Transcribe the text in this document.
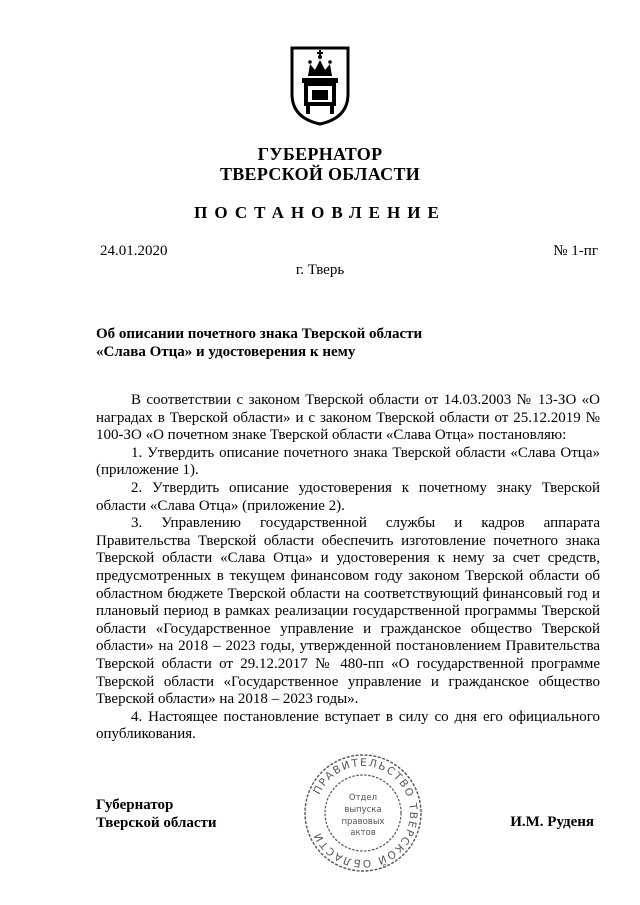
ГУБЕРНАТОР
ТВЕРСКОЙ ОБЛАСТИ
ПОСТАНОВЛЕНИЕ
24.01.2020	№ 1-пг
г. Тверь
Об описании почетного знака Тверской области
«Слава Отца» и удостоверения к нему

В соответствии с законом Тверской области от 14.03.2003 № 13-ЗО «О наградах в Тверской области» и с законом Тверской области от 25.12.2019 № 100-ЗО «О почетном знаке Тверской области «Слава Отца» постановляю:

1. Утвердить описание почетного знака Тверской области «Слава Отца» (приложение 1).

2. Утвердить описание удостоверения к почетному знаку Тверской области «Слава Отца» (приложение 2).

3. Управлению государственной службы и кадров аппарата Правительства Тверской области обеспечить изготовление почетного знака Тверской области «Слава Отца» и удостоверения к нему за счет средств, предусмотренных в текущем финансовом году законом Тверской области об областном бюджете Тверской области на соответствующий финансовый год и плановый период в рамках реализации государственной программы Тверской области «Государственное управление и гражданское общество Тверской области» на 2018 – 2023 годы, утвержденной постановлением Правительства Тверской области от 29.12.2017 № 480-пп «О государственной программе Тверской области «Государственное управление и гражданское общество Тверской области» на 2018 – 2023 годы».

4. Настоящее постановление вступает в силу со дня его официального опубликования.

Губернатор
Тверской области
ПРАВИТЕЛЬСТВО ТВЕРСКОЙ ОБЛАСТИ
Отдел
выпуска
правовых
актов
И.М. Руденя
